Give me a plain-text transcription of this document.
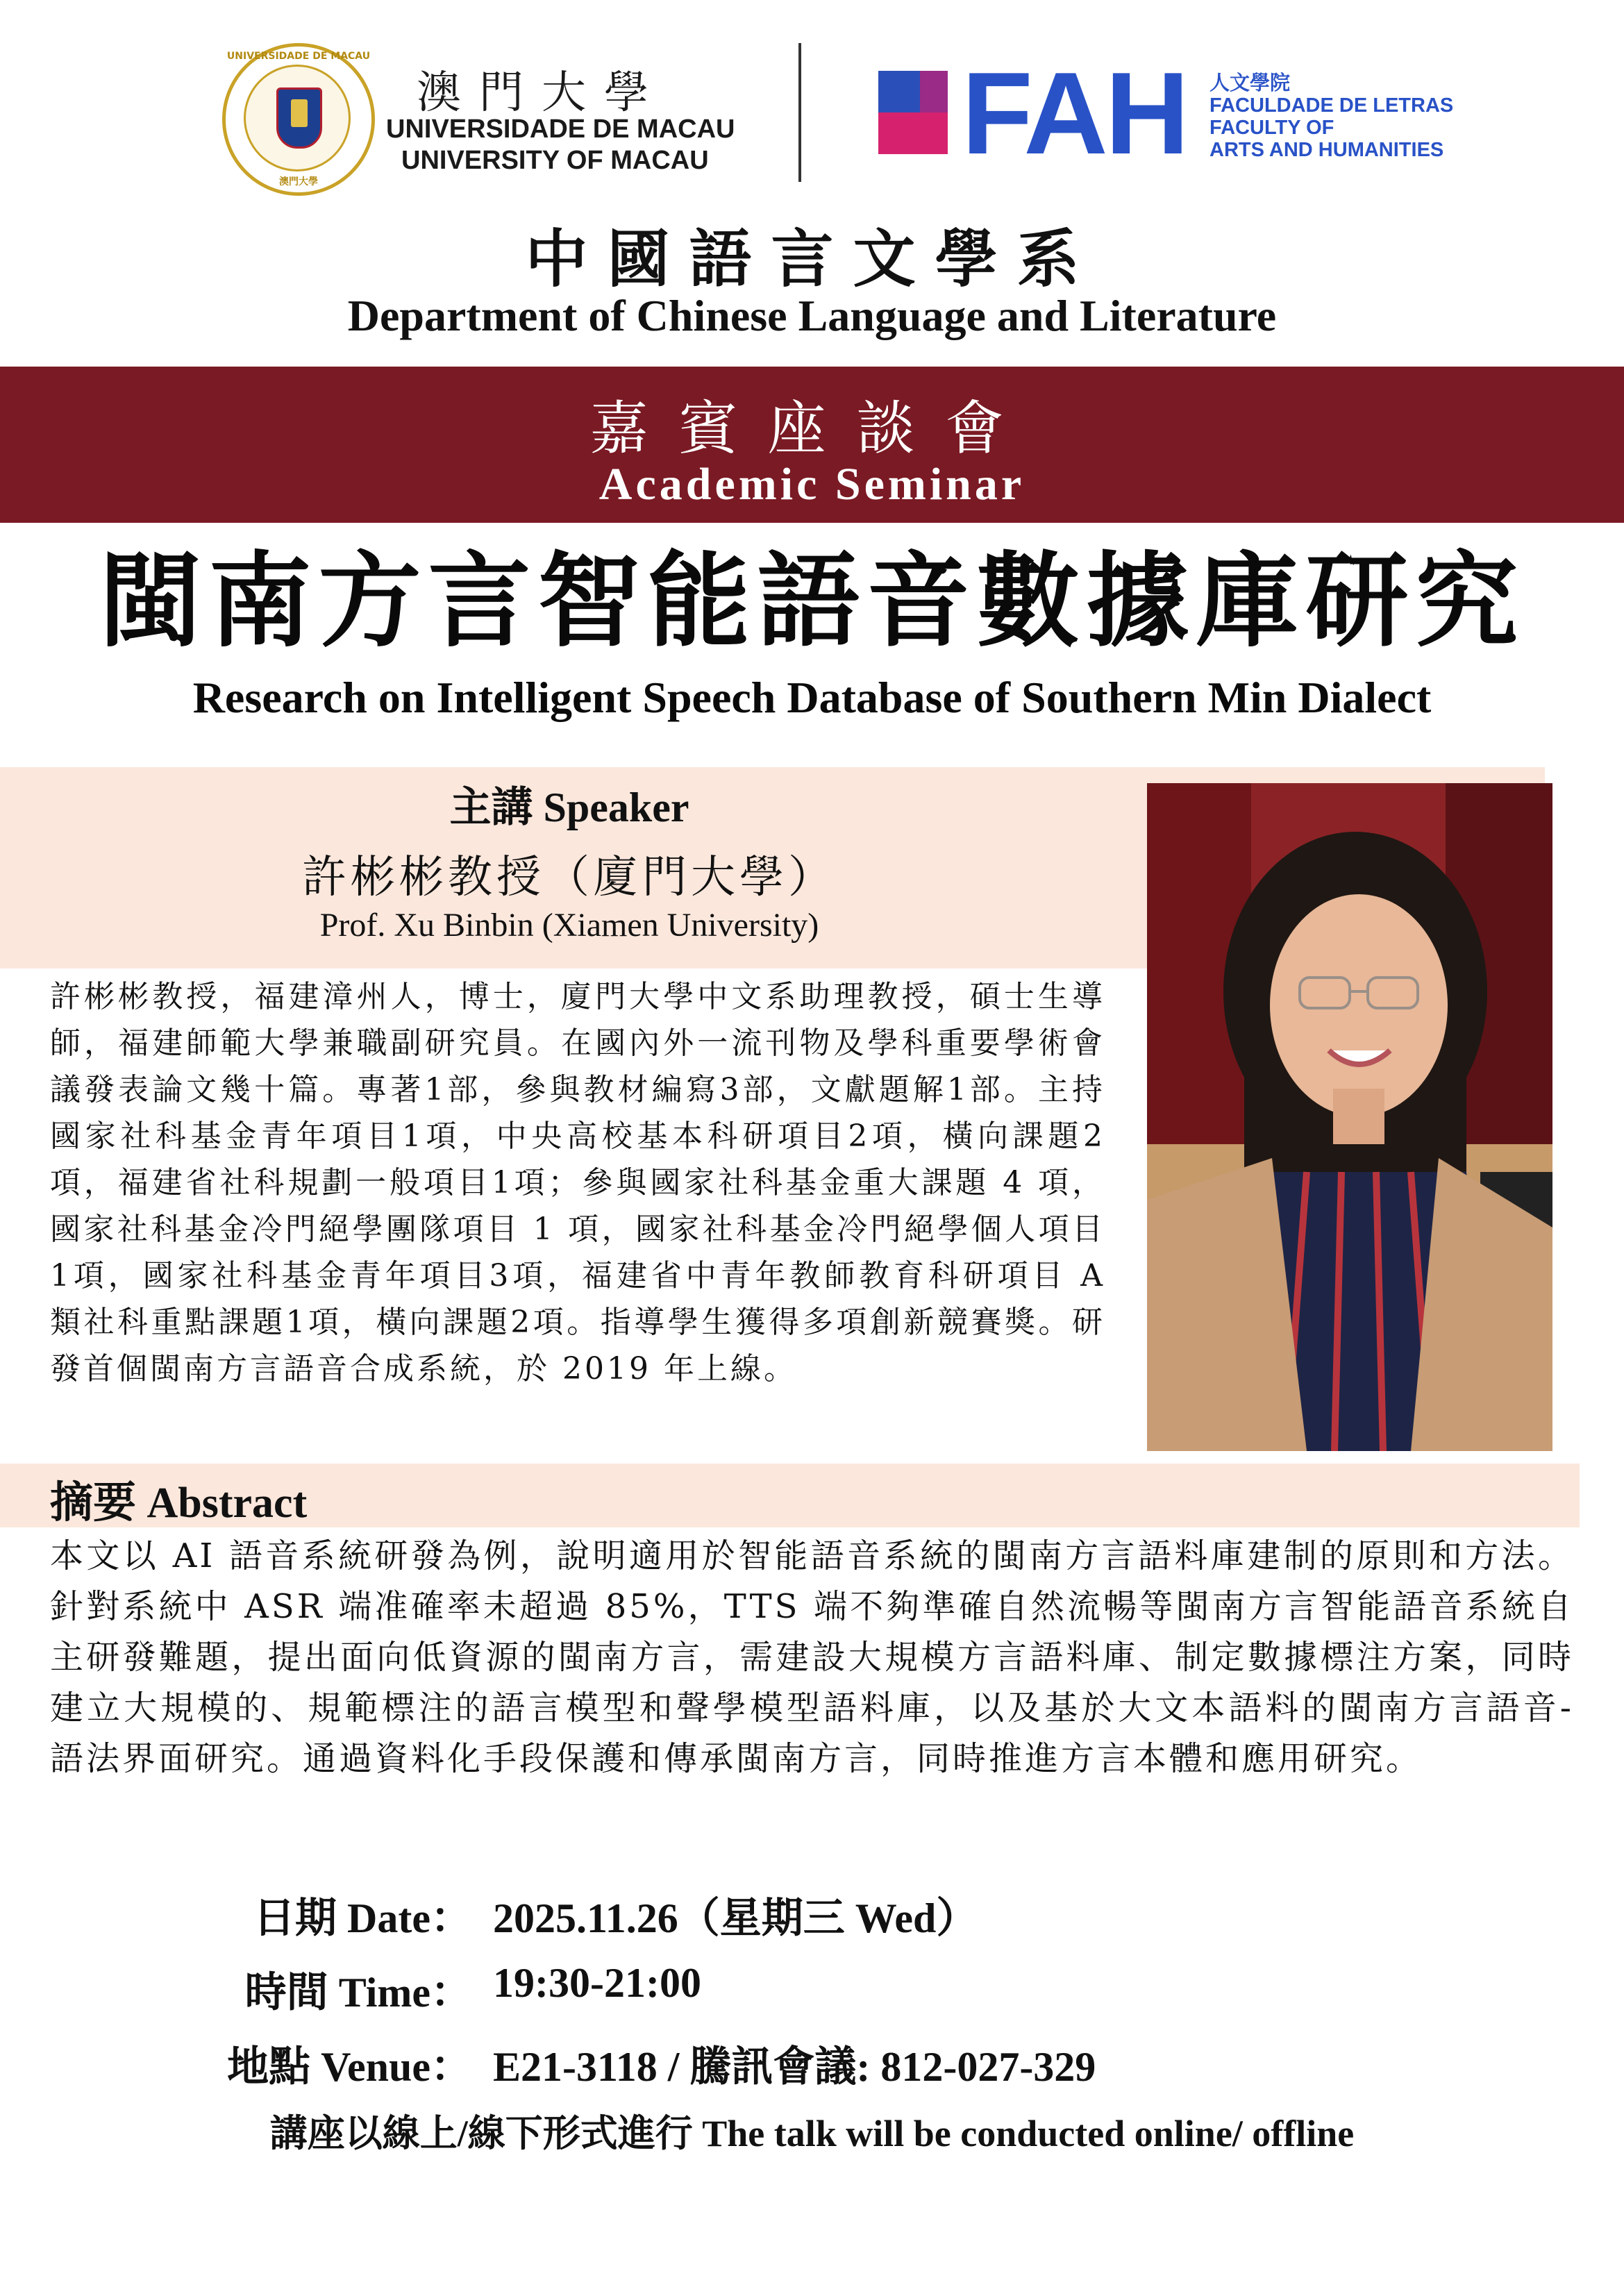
UNIVERSIDADE DE MACAU
澳門大學
澳門大學
UNIVERSIDADE DE MACAU
UNIVERSITY OF MACAU FAH 人文學院
FACULDADE DE LETRAS
FACULTY OF
ARTS AND HUMANITIES
中國語言文學系
Department of Chinese Language and Literature
嘉賓座談會
Academic Seminar
閩南方言智能語音數據庫研究
Research on Intelligent Speech Database of Southern Min Dialect
主講 Speaker
許彬彬教授（廈門大學）
Prof. Xu Binbin (Xiamen University)
許彬彬教授，福建漳州人，博士，廈門大學中文系助理教授，碩士生導師，福建師範大學兼職副研究員。在國內外一流刊物及學科重要學術會議發表論文幾十篇。專著1部，參與教材編寫3部，文獻題解1部。主持國家社科基金青年項目1項，中央高校基本科研項目2項，橫向課題2項，福建省社科規劃一般項目1項；參與國家社科基金重大課題 4 項，國家社科基金冷門絕學團隊項目 1 項，國家社科基金冷門絕學個人項目1項，國家社科基金青年項目3項，福建省中青年教師教育科研項目 A 類社科重點課題1項，橫向課題2項。指導學生獲得多項創新競賽獎。研發首個閩南方言語音合成系統，於 2019 年上線。
摘要 Abstract
本文以 AI 語音系統研發為例，說明適用於智能語音系統的閩南方言語料庫建制的原則和方法。針對系統中 ASR 端准確率未超過 85%，TTS 端不夠準確自然流暢等閩南方言智能語音系統自主研發難題，提出面向低資源的閩南方言，需建設大規模方言語料庫、制定數據標注方案，同時建立大規模的、規範標注的語言模型和聲學模型語料庫，以及基於大文本語料的閩南方言語音-語法界面研究。通過資料化手段保護和傳承閩南方言，同時推進方言本體和應用研究。
日期 Date： 2025.11.26（星期三 Wed）
時間 Time： 19:30-21:00
地點 Venue： E21-3118 / 騰訊會議: 812-027-329
講座以線上/線下形式進行 The talk will be conducted online/ offline
